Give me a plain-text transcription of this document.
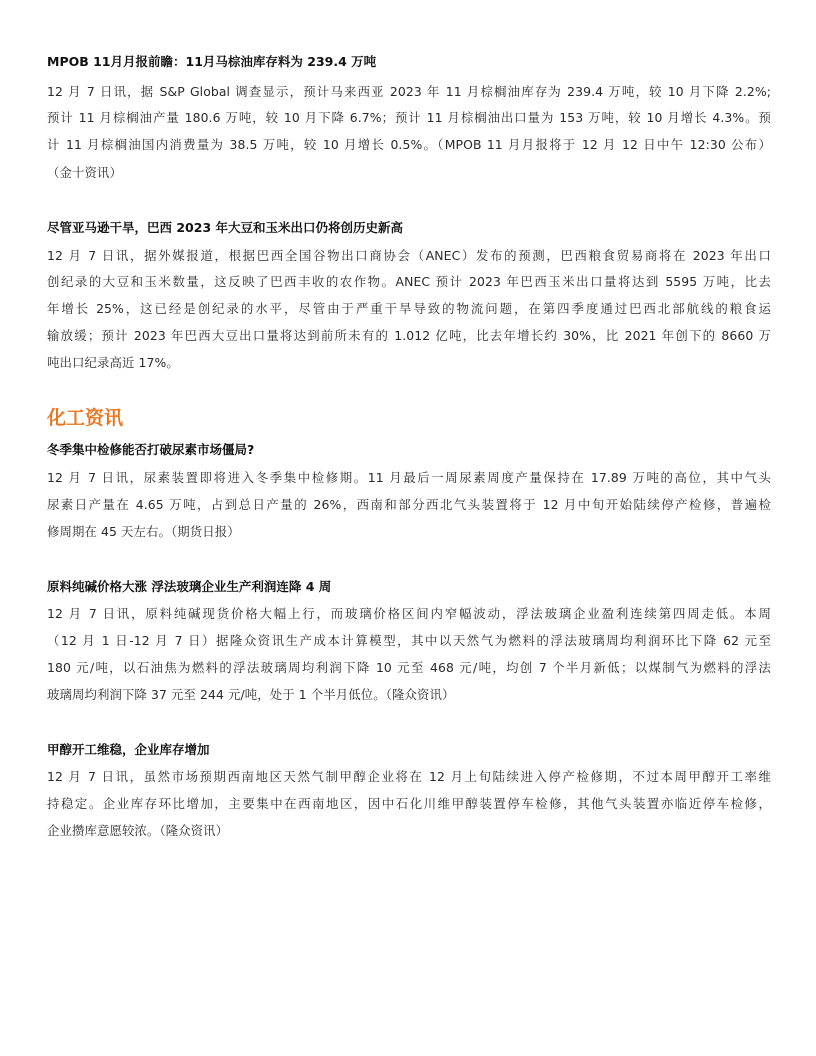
MPOB 11月月报前瞻：11月马棕油库存料为 239.4 万吨
12 月 7 日讯，据 S&P Global 调查显示，预计马来西亚 2023 年 11 月棕榈油库存为 239.4 万吨，较 10 月下降 2.2%;
预计 11 月棕榈油产量 180.6 万吨，较 10 月下降 6.7%；预计 11 月棕榈油出口量为 153 万吨，较 10 月增长 4.3%。预
计 11 月棕榈油国内消费量为 38.5 万吨，较 10 月增长 0.5%。（MPOB 11 月月报将于 12 月 12 日中午 12:30 公布）
（金十资讯）
尽管亚马逊干旱，巴西 2023 年大豆和玉米出口仍将创历史新高
12 月 7 日讯，据外媒报道，根据巴西全国谷物出口商协会（ANEC）发布的预测，巴西粮食贸易商将在 2023 年出口
创纪录的大豆和玉米数量，这反映了巴西丰收的农作物。ANEC 预计 2023 年巴西玉米出口量将达到 5595 万吨，比去
年增长 25%，这已经是创纪录的水平，尽管由于严重干旱导致的物流问题，在第四季度通过巴西北部航线的粮食运
输放缓；预计 2023 年巴西大豆出口量将达到前所未有的 1.012 亿吨，比去年增长约 30%，比 2021 年创下的 8660 万
吨出口纪录高近 17%。
化工资讯
冬季集中检修能否打破尿素市场僵局?
12 月 7 日讯，尿素装置即将进入冬季集中检修期。11 月最后一周尿素周度产量保持在 17.89 万吨的高位，其中气头
尿素日产量在 4.65 万吨，占到总日产量的 26%，西南和部分西北气头装置将于 12 月中旬开始陆续停产检修，普遍检
修周期在 45 天左右。（期货日报）
原料纯碱价格大涨 浮法玻璃企业生产利润连降 4 周
12 月 7 日讯，原料纯碱现货价格大幅上行，而玻璃价格区间内窄幅波动，浮法玻璃企业盈利连续第四周走低。本周
（12 月 1 日-12 月 7 日）据隆众资讯生产成本计算模型，其中以天然气为燃料的浮法玻璃周均利润环比下降 62 元至
180 元/吨，以石油焦为燃料的浮法玻璃周均利润下降 10 元至 468 元/吨，均创 7 个半月新低；以煤制气为燃料的浮法
玻璃周均利润下降 37 元至 244 元/吨，处于 1 个半月低位。（隆众资讯）
甲醇开工维稳，企业库存增加
12 月 7 日讯，虽然市场预期西南地区天然气制甲醇企业将在 12 月上旬陆续进入停产检修期，不过本周甲醇开工率维
持稳定。企业库存环比增加，主要集中在西南地区，因中石化川维甲醇装置停车检修，其他气头装置亦临近停车检修，
企业攒库意愿较浓。（隆众资讯）
